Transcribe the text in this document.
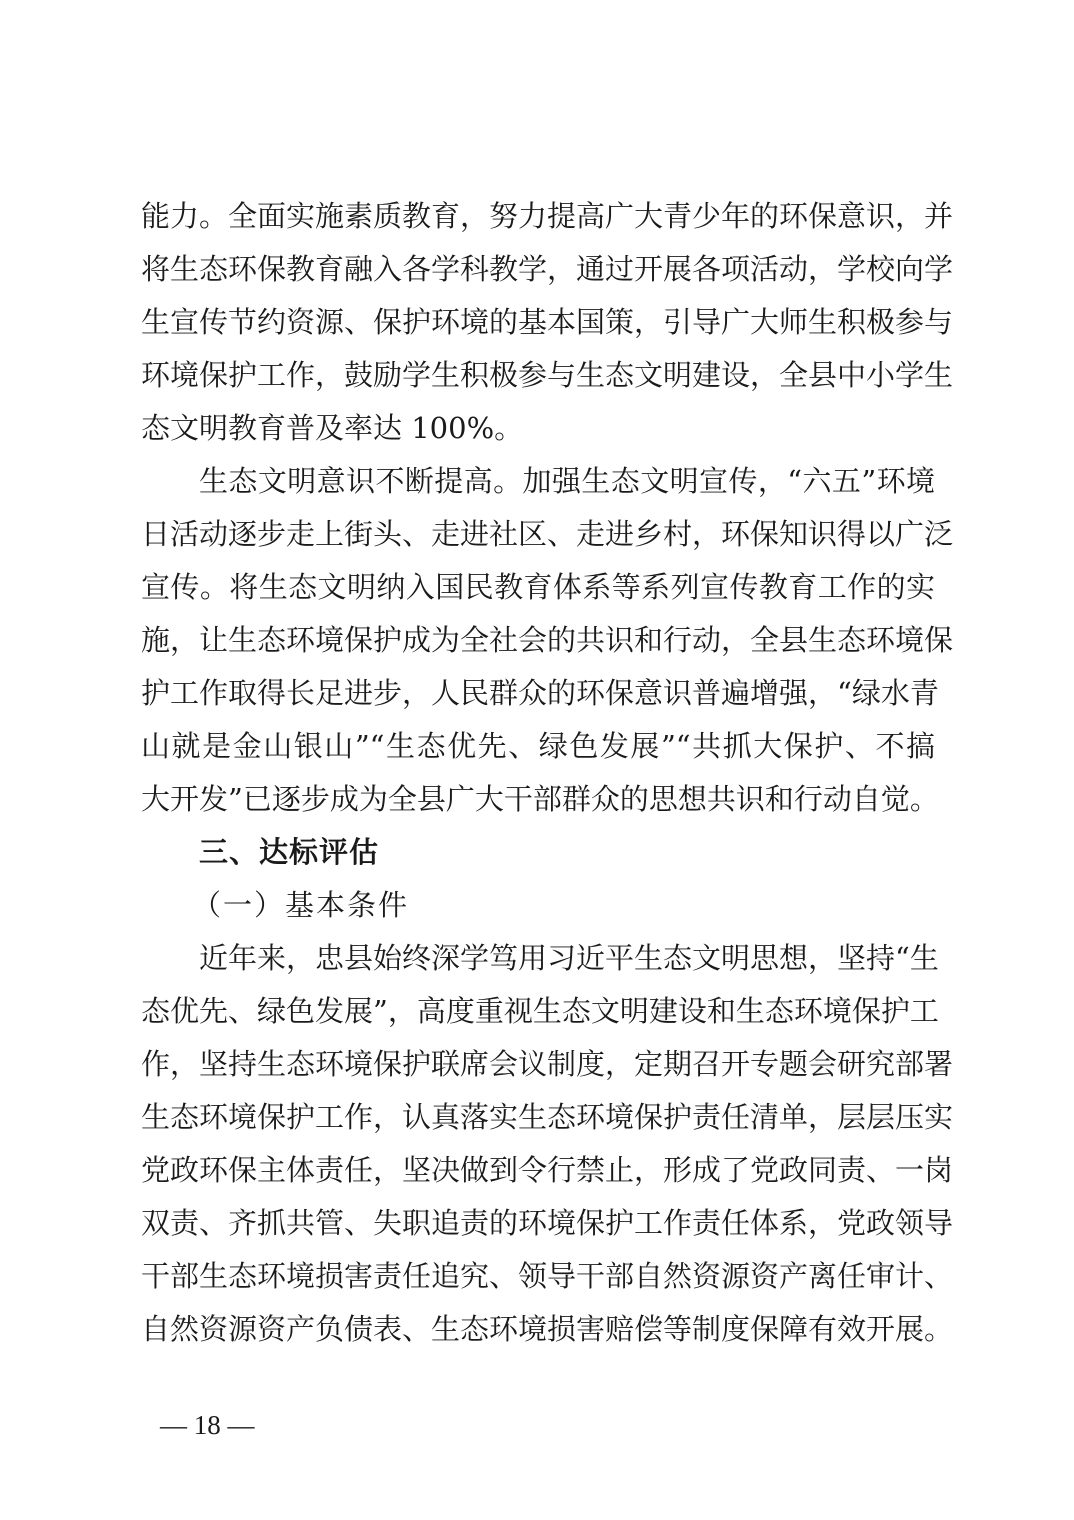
能力。全面实施素质教育，努力提高广大青少年的环保意识，并
将生态环保教育融入各学科教学，通过开展各项活动，学校向学
生宣传节约资源、保护环境的基本国策，引导广大师生积极参与
环境保护工作，鼓励学生积极参与生态文明建设，全县中小学生
态文明教育普及率达 100%。
生态文明意识不断提高。加强生态文明宣传，“六五”环境
日活动逐步走上街头、走进社区、走进乡村，环保知识得以广泛
宣传。将生态文明纳入国民教育体系等系列宣传教育工作的实
施，让生态环境保护成为全社会的共识和行动，全县生态环境保
护工作取得长足进步，人民群众的环保意识普遍增强，“绿水青
山就是金山银山”“生态优先、绿色发展”“共抓大保护、不搞
大开发”已逐步成为全县广大干部群众的思想共识和行动自觉。
三、达标评估
（一）基本条件
近年来，忠县始终深学笃用习近平生态文明思想，坚持“生
态优先、绿色发展”，高度重视生态文明建设和生态环境保护工
作，坚持生态环境保护联席会议制度，定期召开专题会研究部署
生态环境保护工作，认真落实生态环境保护责任清单，层层压实
党政环保主体责任，坚决做到令行禁止，形成了党政同责、一岗
双责、齐抓共管、失职追责的环境保护工作责任体系，党政领导
干部生态环境损害责任追究、领导干部自然资源资产离任审计、
自然资源资产负债表、生态环境损害赔偿等制度保障有效开展。
— 18 —
